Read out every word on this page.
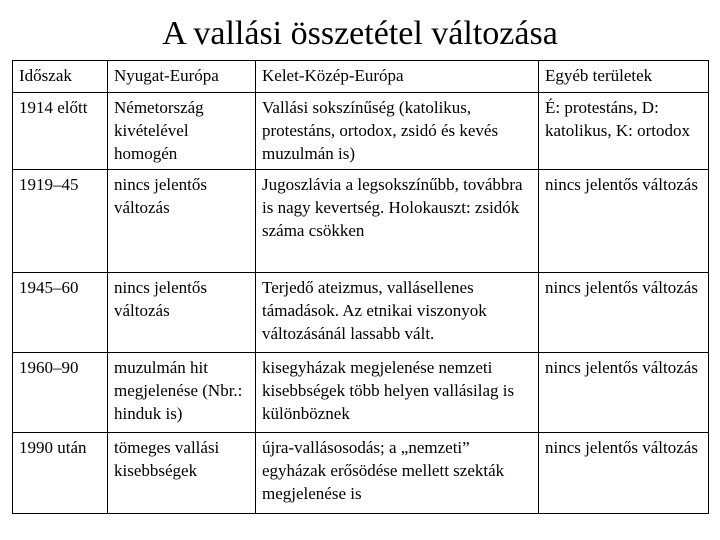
A vallási összetétel változása
Időszak	Nyugat-Európa	Kelet-Közép-Európa	Egyéb területek
1914 előtt	Németország kivételével homogén	Vallási sokszínűség (katolikus, protestáns, ortodox, zsidó és kevés muzulmán is)	É: protestáns, D: katolikus, K: ortodox
1919–45	nincs jelentős változás	Jugoszlávia a legsokszínűbb, továbbra is nagy kevertség. Holokauszt: zsidók száma csökken	nincs jelentős változás
1945–60	nincs jelentős változás	Terjedő ateizmus, vallásellenes támadások. Az etnikai viszonyok változásánál lassabb vált.	nincs jelentős változás
1960–90	muzulmán hit megjelenése (Nbr.: hinduk is)	kisegyházak megjelenése nemzeti kisebbségek több helyen vallásilag is különböznek	nincs jelentős változás
1990 után	tömeges vallási kisebbségek	újra-vallásosodás; a „nemzeti” egyházak erősödése mellett szekták megjelenése is	nincs jelentős változás
